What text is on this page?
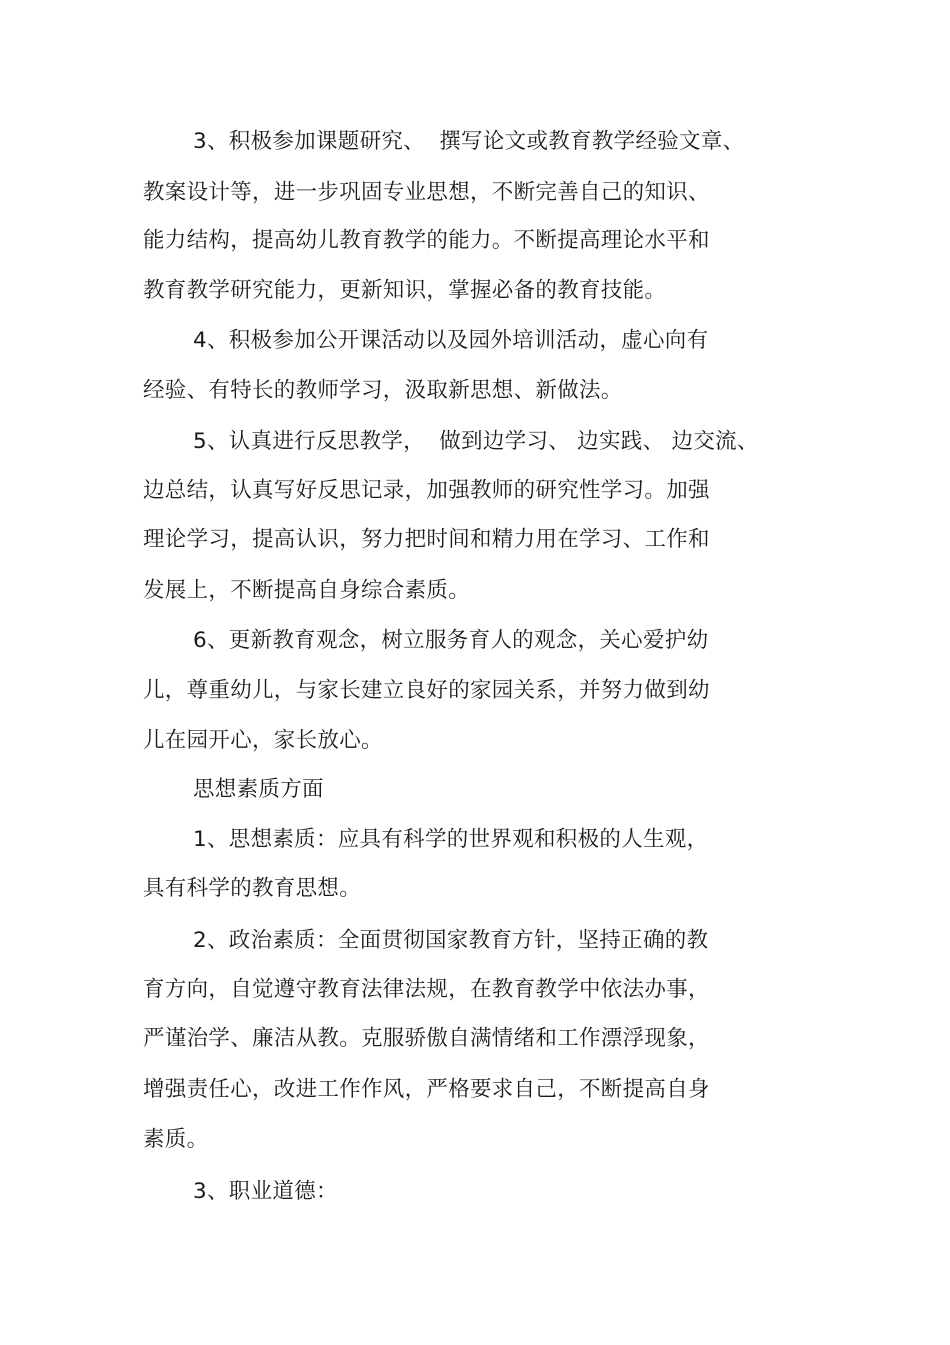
3、积极参加课题研究、  撰写论文或教育教学经验文章、
教案设计等，进一步巩固专业思想，不断完善自己的知识、
能力结构，提高幼儿教育教学的能力。不断提高理论水平和
教育教学研究能力，更新知识，掌握必备的教育技能。
4、积极参加公开课活动以及园外培训活动，虚心向有
经验、有特长的教师学习，汲取新思想、新做法。
5、认真进行反思教学，  做到边学习、 边实践、 边交流、
边总结，认真写好反思记录，加强教师的研究性学习。加强
理论学习，提高认识，努力把时间和精力用在学习、工作和
发展上，不断提高自身综合素质。
6、更新教育观念，树立服务育人的观念，关心爱护幼
儿，尊重幼儿，与家长建立良好的家园关系，并努力做到幼
儿在园开心，家长放心。
思想素质方面
1、思想素质：应具有科学的世界观和积极的人生观，
具有科学的教育思想。
2、政治素质：全面贯彻国家教育方针，坚持正确的教
育方向，自觉遵守教育法律法规，在教育教学中依法办事，
严谨治学、廉洁从教。克服骄傲自满情绪和工作漂浮现象，
增强责任心，改进工作作风，严格要求自己，不断提高自身
素质。
3、职业道德：
